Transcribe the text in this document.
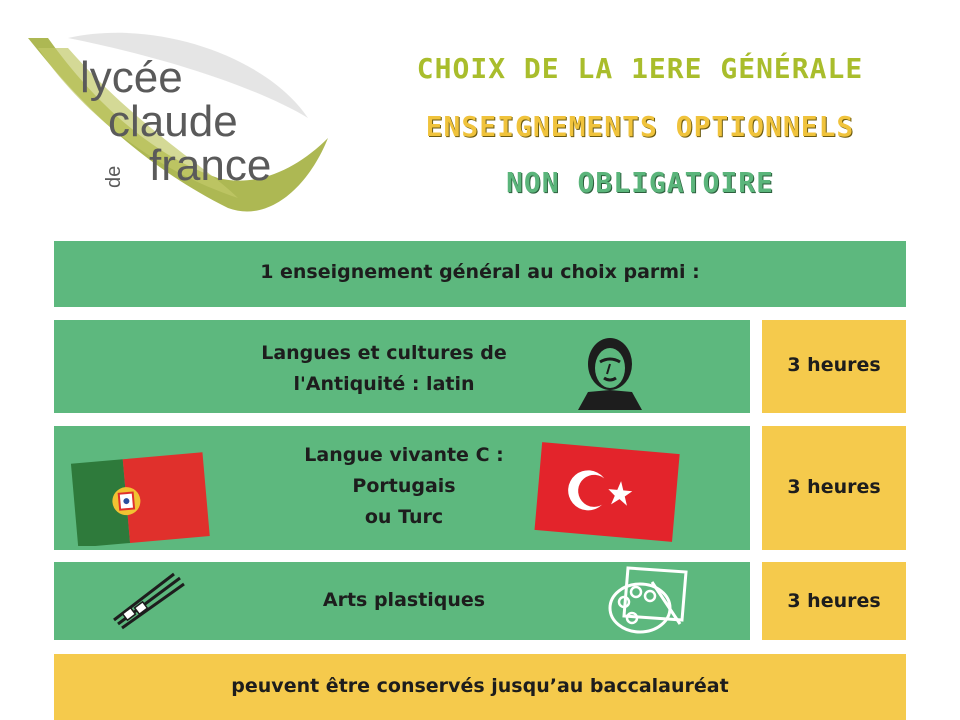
lycée
claude
de france
CHOIX DE LA 1ERE GÉNÉRALE
ENSEIGNEMENTS OPTIONNELS
NON OBLIGATOIRE
1 enseignement général au choix parmi :
Langues et cultures de
l'Antiquité : latin
3 heures
Langue vivante C :
Portugais
ou Turc
3 heures
Arts plastiques	3 heures
peuvent être conservés jusqu’au baccalauréat
